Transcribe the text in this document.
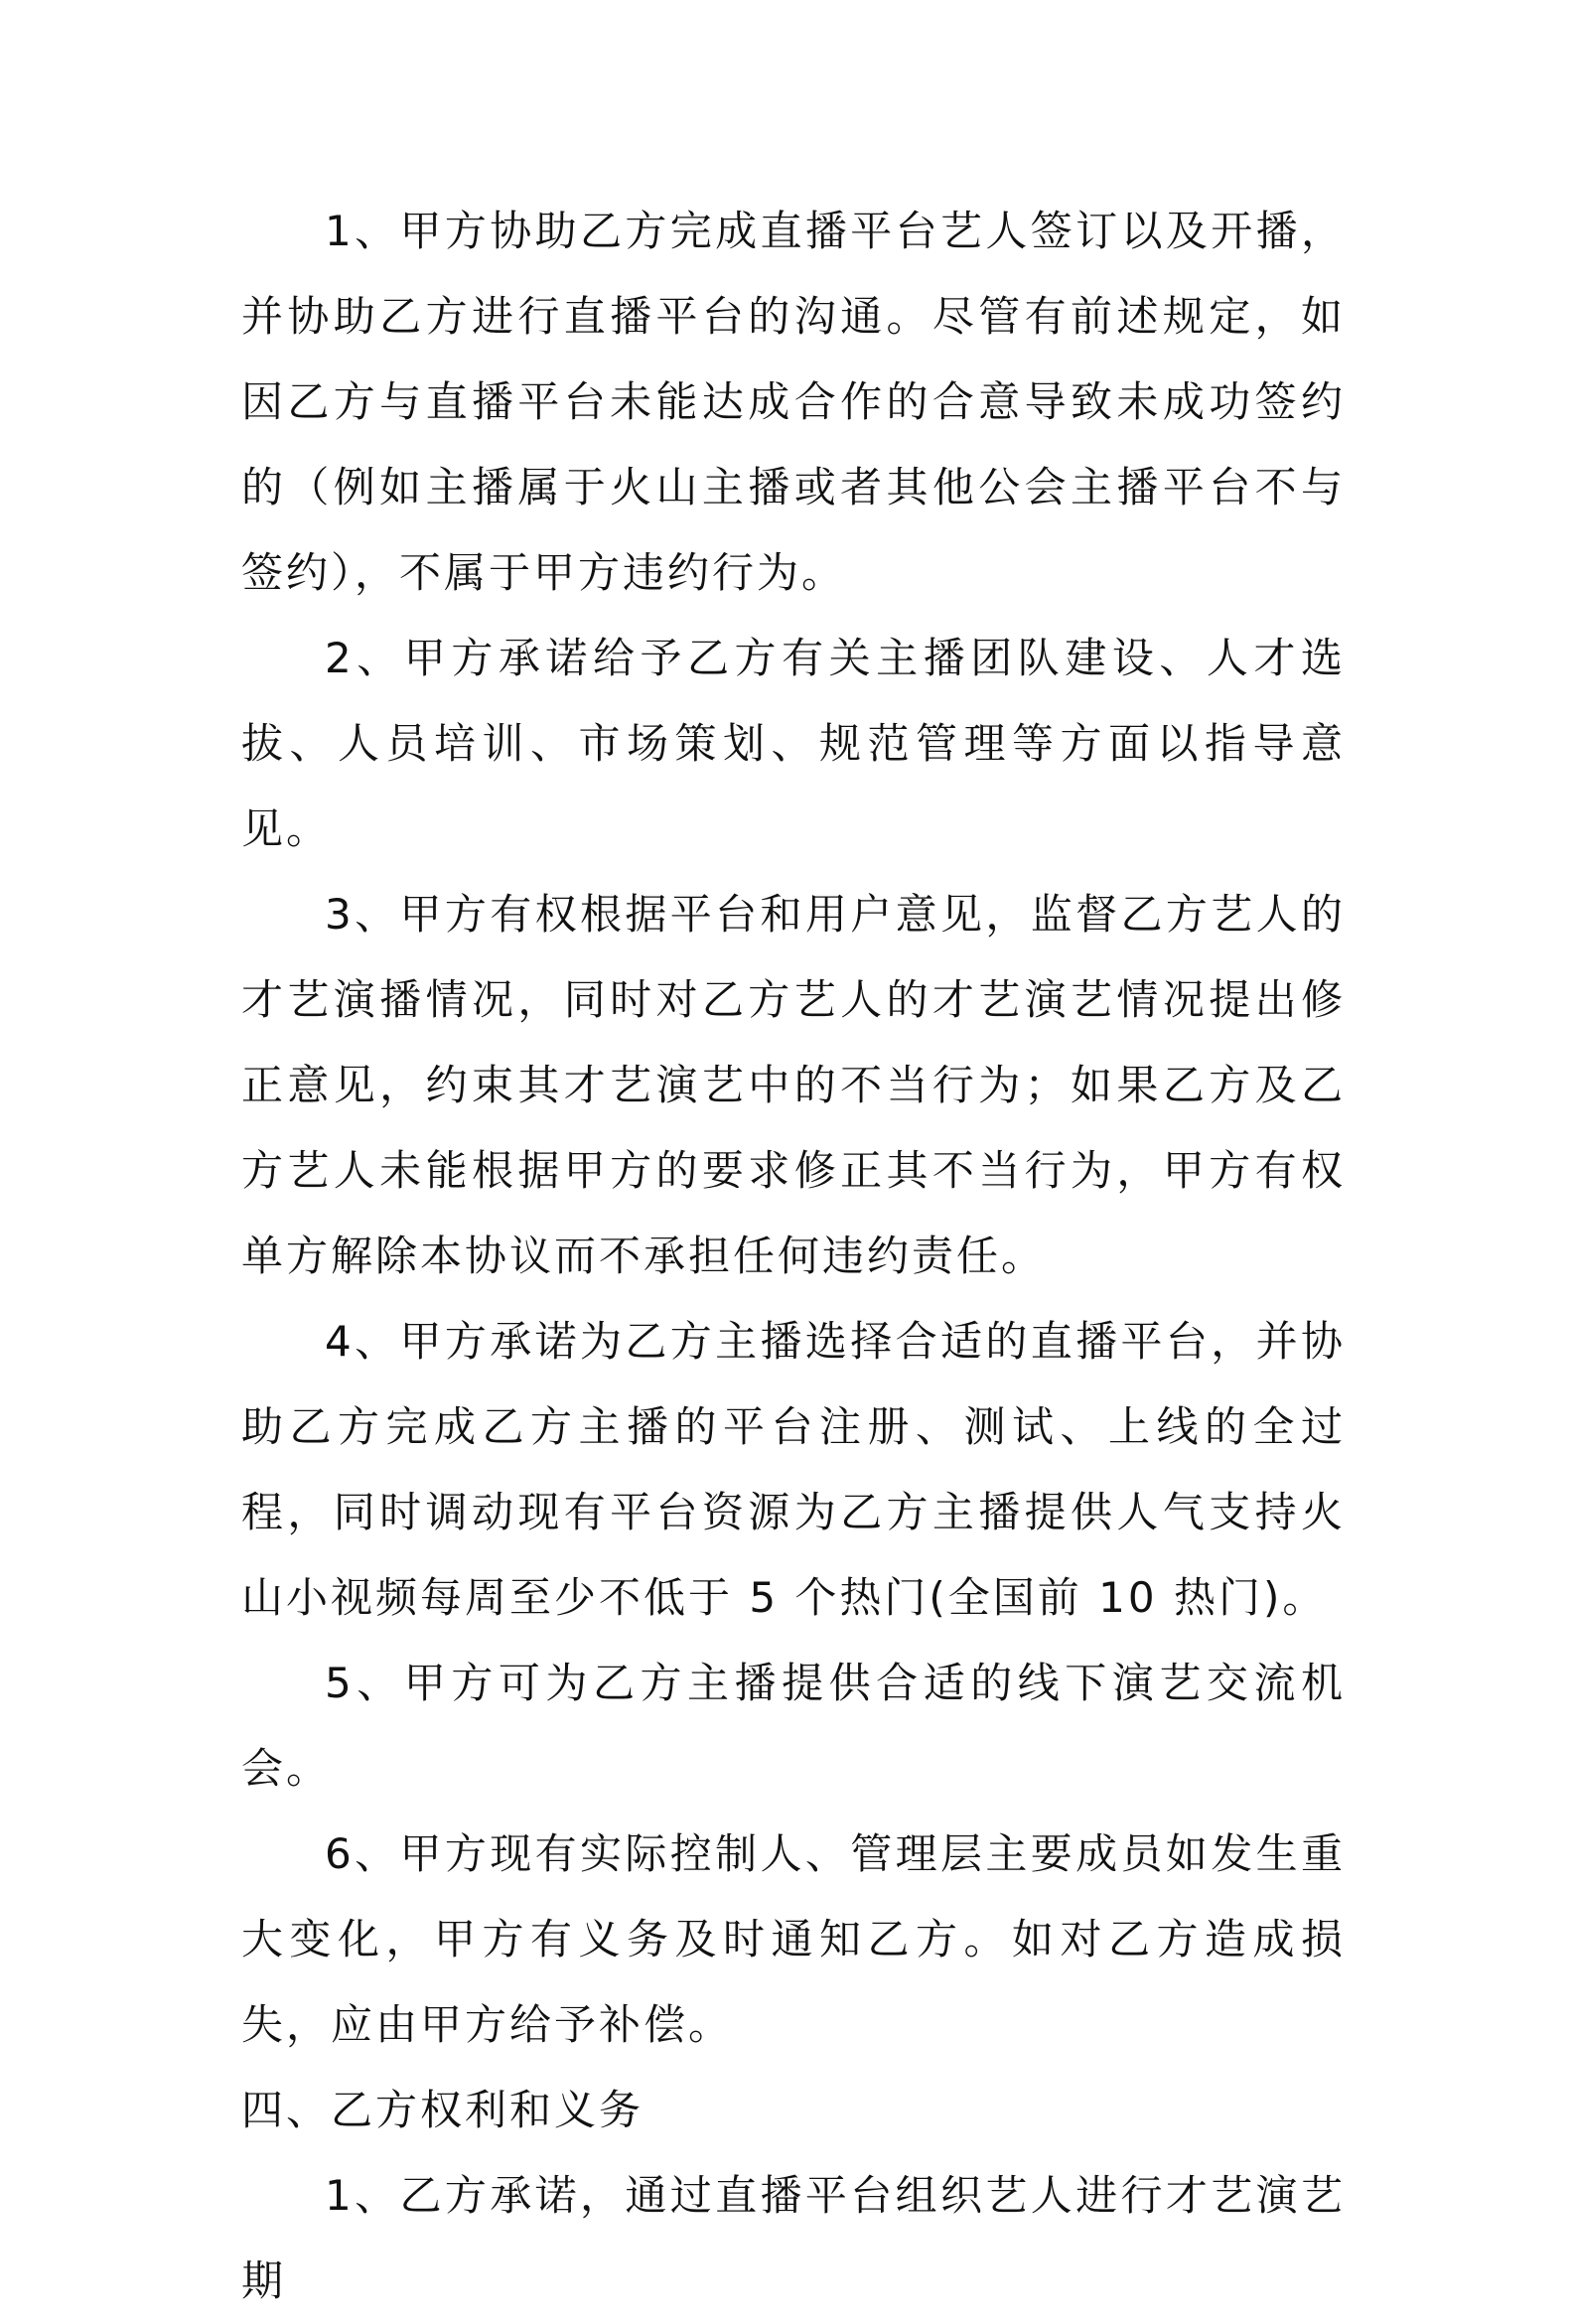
1、甲方协助乙方完成直播平台艺人签订以及开播，并协助乙方进行直播平台的沟通。尽管有前述规定，如因乙方与直播平台未能达成合作的合意导致未成功签约的（例如主播属于火山主播或者其他公会主播平台不与签约），不属于甲方违约行为。

2、甲方承诺给予乙方有关主播团队建设、人才选拔、人员培训、市场策划、规范管理等方面以指导意见。

3、甲方有权根据平台和用户意见，监督乙方艺人的才艺演播情况，同时对乙方艺人的才艺演艺情况提出修正意见，约束其才艺演艺中的不当行为；如果乙方及乙方艺人未能根据甲方的要求修正其不当行为，甲方有权单方解除本协议而不承担任何违约责任。

4、甲方承诺为乙方主播选择合适的直播平台，并协助乙方完成乙方主播的平台注册、测试、上线的全过程，同时调动现有平台资源为乙方主播提供人气支持火山小视频每周至少不低于 5 个热门(全国前 10 热门)。

5、甲方可为乙方主播提供合适的线下演艺交流机会。

6、甲方现有实际控制人、管理层主要成员如发生重大变化，甲方有义务及时通知乙方。如对乙方造成损失，应由甲方给予补偿。

四、乙方权利和义务

1、乙方承诺，通过直播平台组织艺人进行才艺演艺期
